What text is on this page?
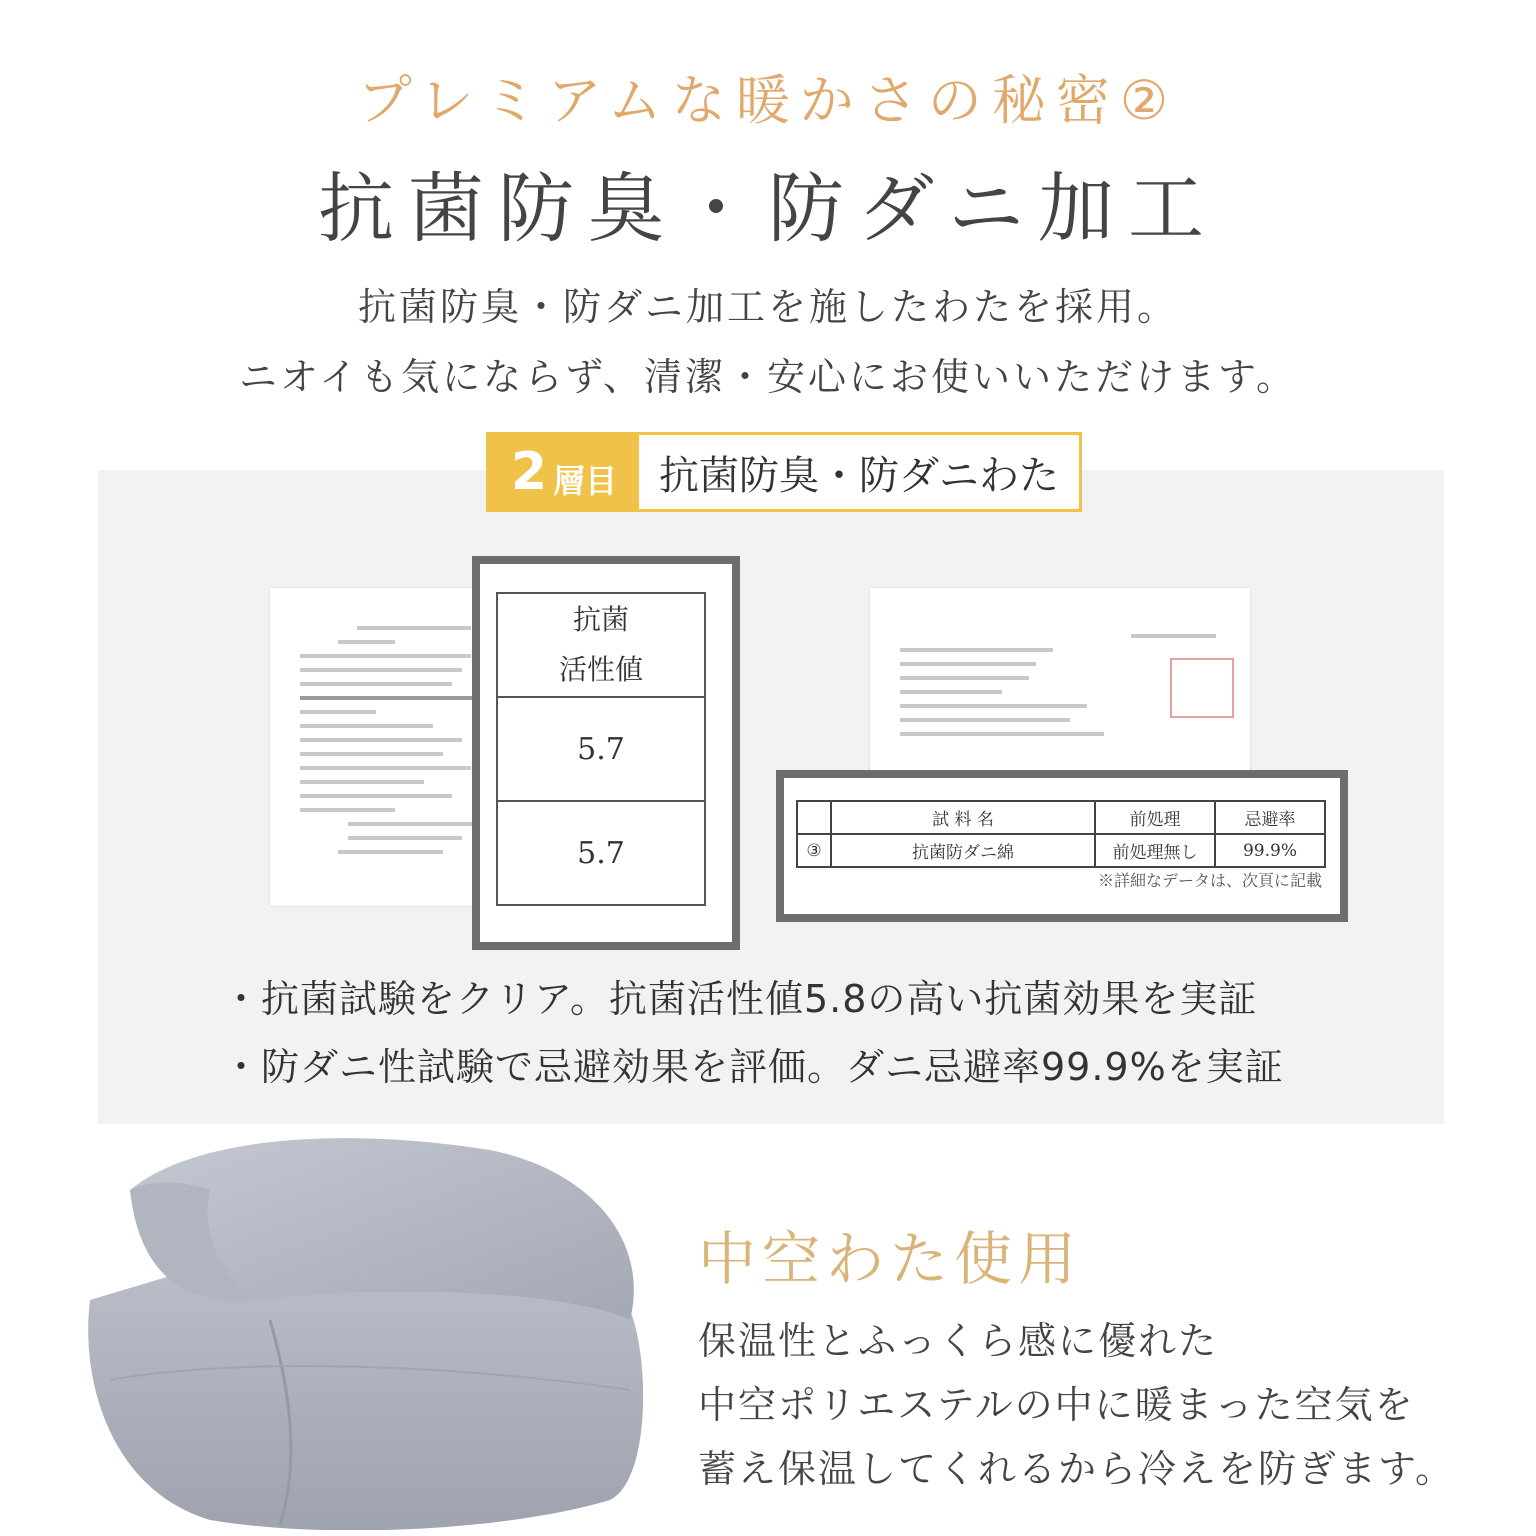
プレミアムな暖かさの秘密②
抗菌防臭・防ダニ加工
抗菌防臭・防ダニ加工を施したわたを採用。
ニオイも気にならず、清潔・安心にお使いいただけます。
2 層目	抗菌防臭・防ダニわた
抗菌
活性値
5.7
5.7
	試 料 名	前処理	忌避率
③	抗菌防ダニ綿	前処理無し	99.9%
※詳細なデータは、次頁に記載
・抗菌試験をクリア。抗菌活性値5.8の高い抗菌効果を実証
・防ダニ性試験で忌避効果を評価。ダニ忌避率99.9%を実証
中空わた使用
保温性とふっくら感に優れた
中空ポリエステルの中に暖まった空気を
蓄え保温してくれるから冷えを防ぎます。
